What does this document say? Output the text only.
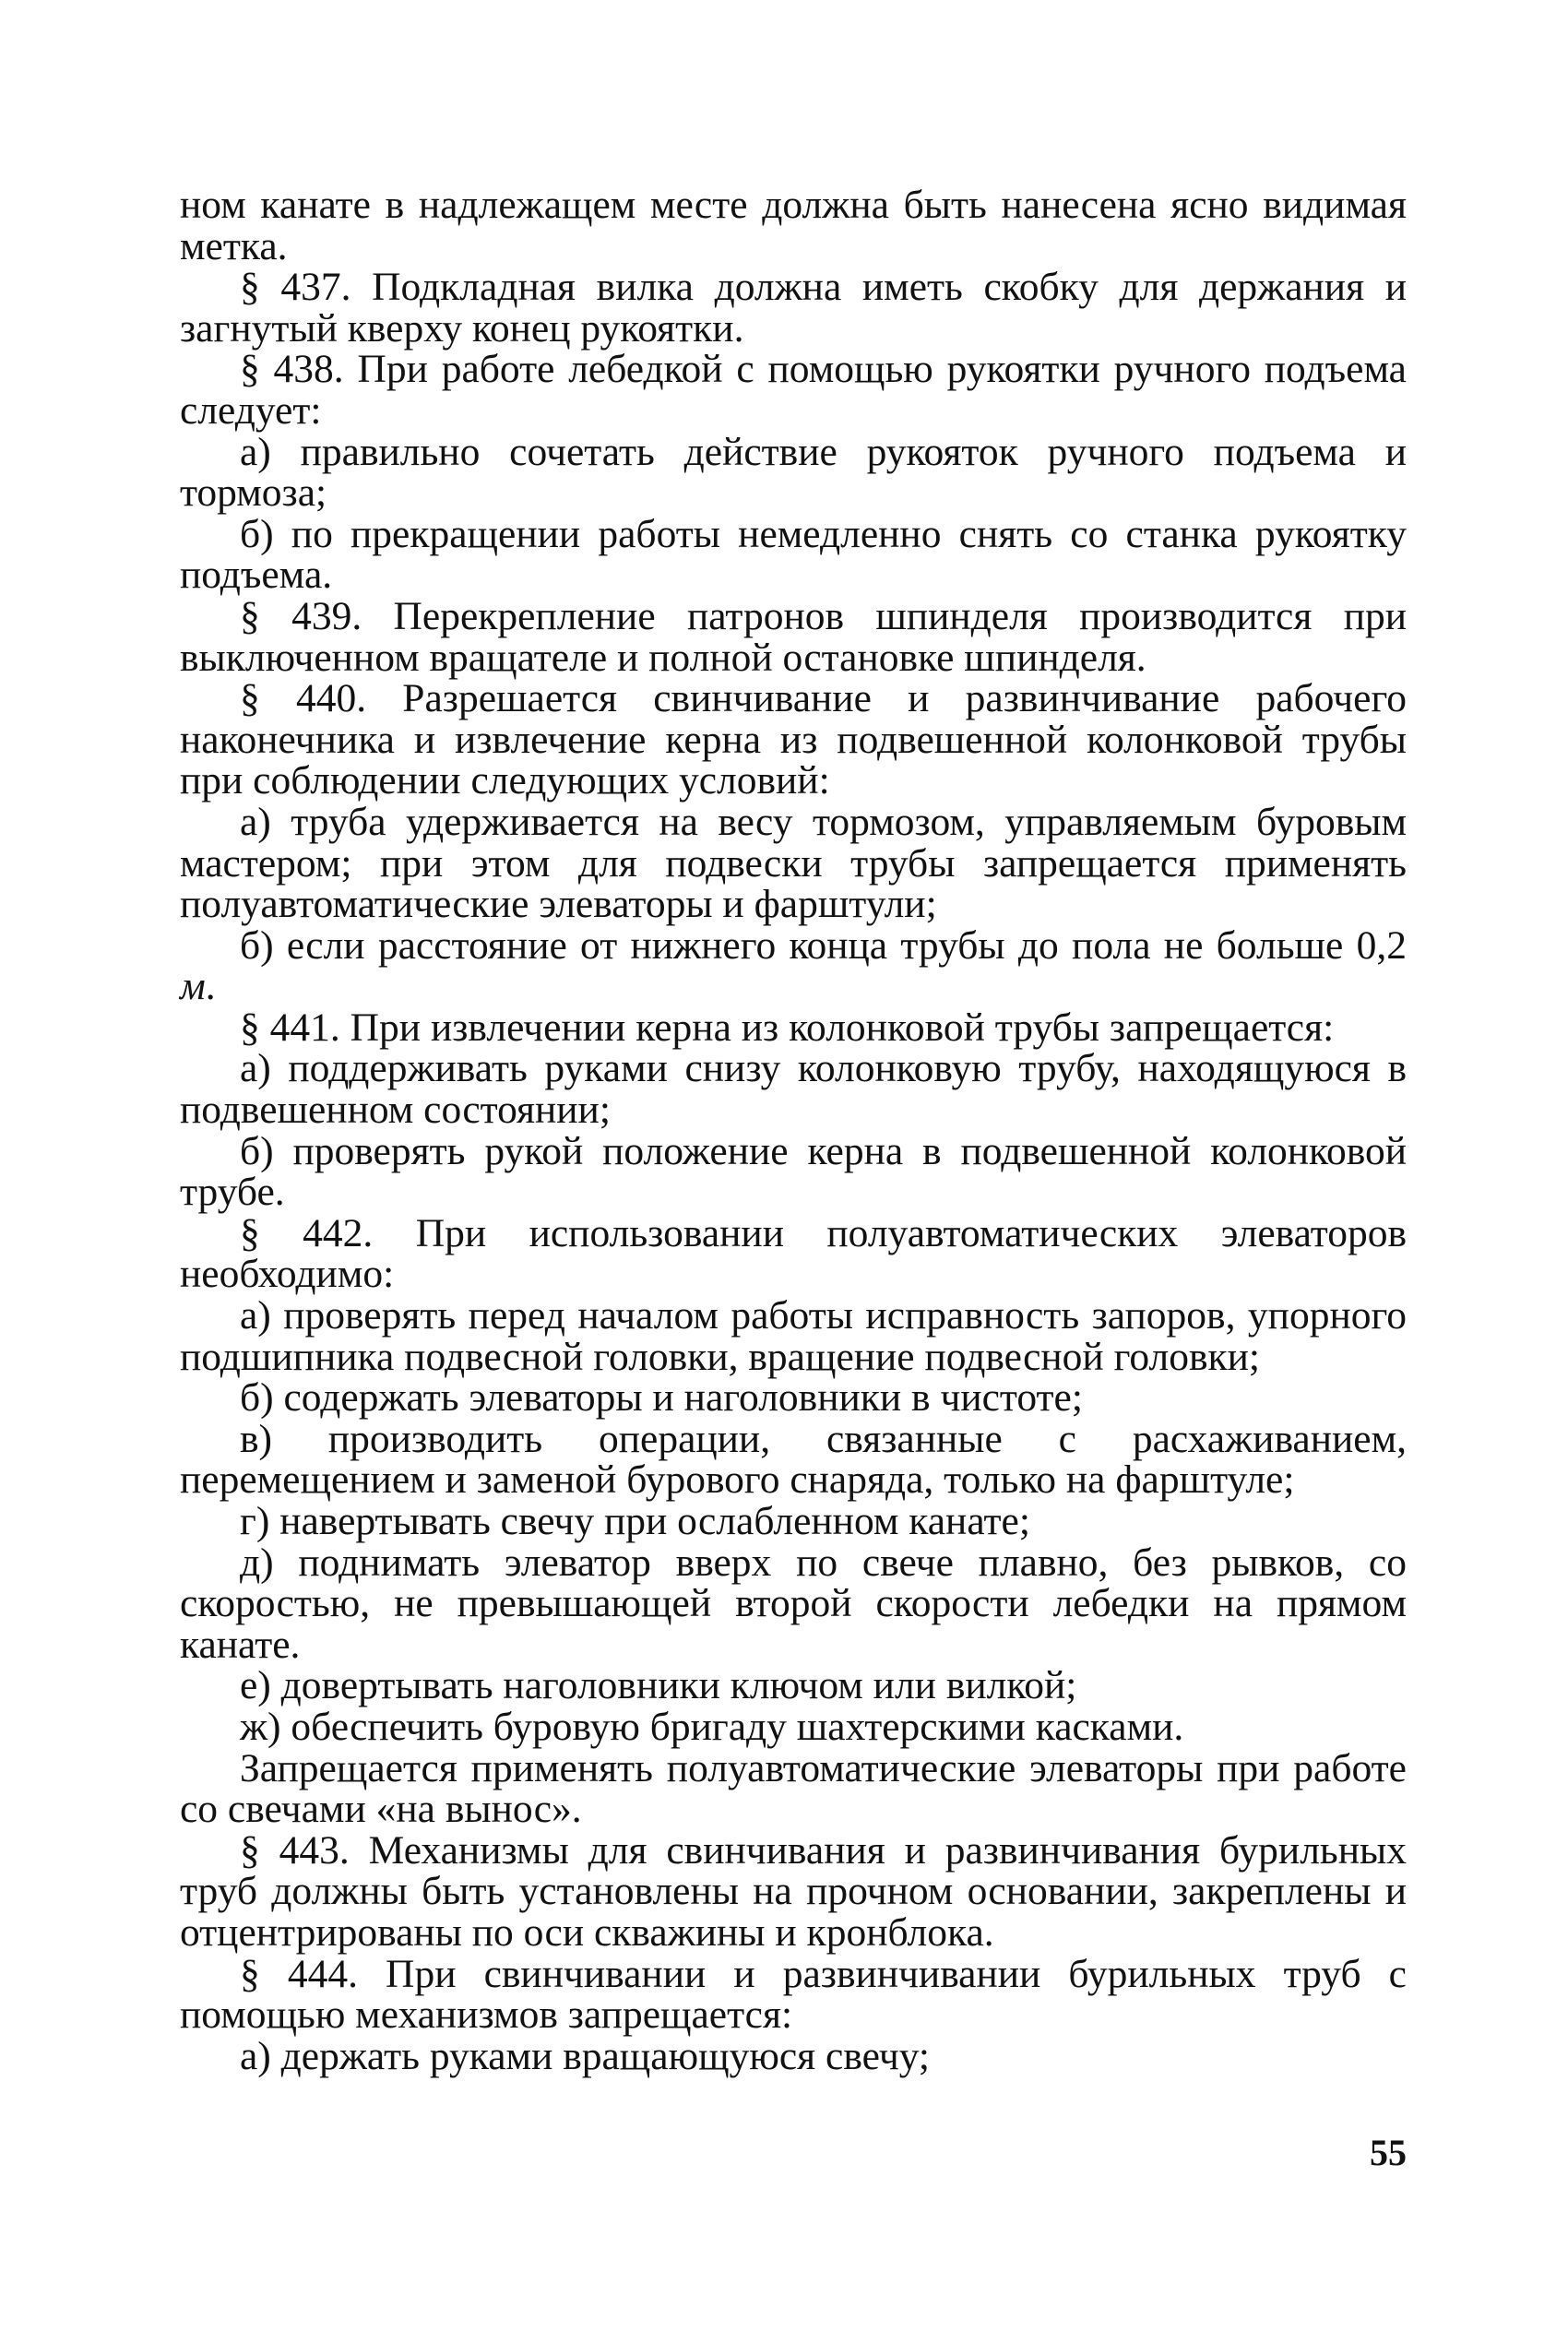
ном канате в надлежащем месте должна быть нанесена ясно видимая метка.

§ 437. Подкладная вилка должна иметь скобку для держания и загнутый кверху конец рукоятки.

§ 438. При работе лебедкой с помощью рукоятки ручного подъема следует:

а) правильно сочетать действие рукояток ручного подъема и тормоза;

б) по прекращении работы немедленно снять со станка рукоятку подъема.

§ 439. Перекрепление патронов шпинделя производится при выключенном вращателе и полной остановке шпинделя.

§ 440. Разрешается свинчивание и развинчивание рабочего наконечника и извлечение керна из подвешенной колонковой трубы при соблюдении следующих условий:

а) труба удерживается на весу тормозом, управляемым буровым мастером; при этом для подвески трубы запрещается применять полуавтоматические элеваторы и фарштули;

б) если расстояние от нижнего конца трубы до пола не больше 0,2 м.

§ 441. При извлечении керна из колонковой трубы запрещается:

а) поддерживать руками снизу колонковую трубу, находящуюся в подвешенном состоянии;

б) проверять рукой положение керна в подвешенной колонковой трубе.

§ 442. При использовании полуавтоматических элеваторов необходимо:

а) проверять перед началом работы исправность запоров, упорного подшипника подвесной головки, вращение подвесной головки;

б) содержать элеваторы и наголовники в чистоте;

в) производить операции, связанные с расхаживанием, перемещением и заменой бурового снаряда, только на фарштуле;

г) навертывать свечу при ослабленном канате;

д) поднимать элеватор вверх по свече плавно, без рывков, со скоростью, не превышающей второй скорости лебедки на прямом канате.

е) довертывать наголовники ключом или вилкой;

ж) обеспечить буровую бригаду шахтерскими касками.

Запрещается применять полуавтоматические элеваторы при работе со свечами «на вынос».

§ 443. Механизмы для свинчивания и развинчивания бурильных труб должны быть установлены на прочном основании, закреплены и отцентрированы по оси скважины и кронблока.

§ 444. При свинчивании и развинчивании бурильных труб с помощью механизмов запрещается:

а) держать руками вращающуюся свечу;

55
